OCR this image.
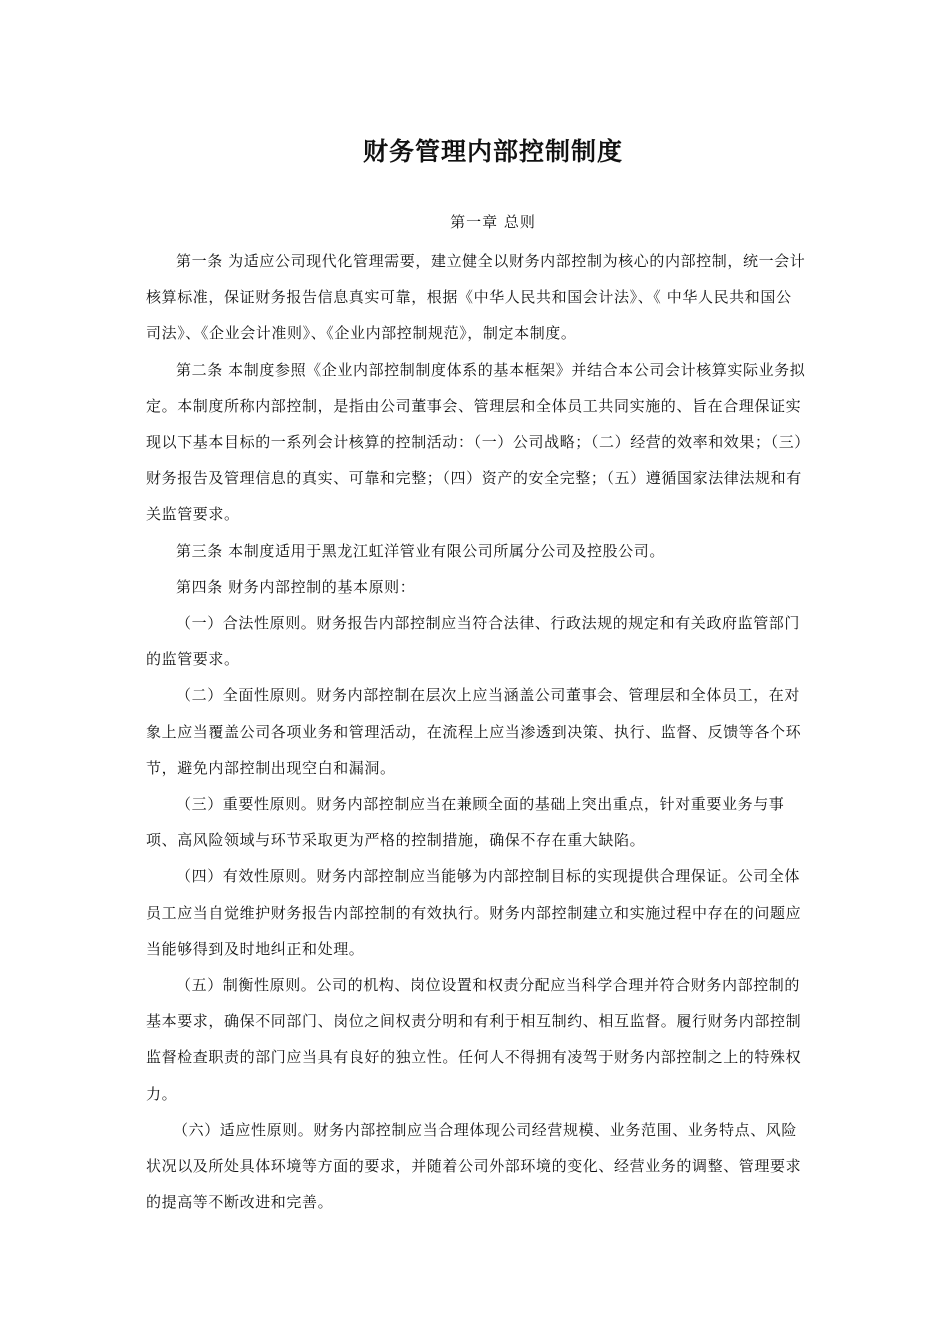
财务管理内部控制制度
第一章 总则

第一条 为适应公司现代化管理需要，建立健全以财务内部控制为核心的内部控制，统一会计核算标准，保证财务报告信息真实可靠，根据《中华人民共和国会计法》、《 中华人民共和国公司法》、《企业会计准则》、《企业内部控制规范》，制定本制度。

第二条 本制度参照《企业内部控制制度体系的基本框架》并结合本公司会计核算实际业务拟定。本制度所称内部控制，是指由公司董事会、管理层和全体员工共同实施的、旨在合理保证实现以下基本目标的一系列会计核算的控制活动：（一）公司战略；（二）经营的效率和效果；（三）财务报告及管理信息的真实、可靠和完整；（四）资产的安全完整；（五）遵循国家法律法规和有关监管要求。

第三条 本制度适用于黑龙江虹洋管业有限公司所属分公司及控股公司。

第四条 财务内部控制的基本原则：

（一）合法性原则。财务报告内部控制应当符合法律、行政法规的规定和有关政府监管部门的监管要求。

（二）全面性原则。财务内部控制在层次上应当涵盖公司董事会、管理层和全体员工，在对象上应当覆盖公司各项业务和管理活动，在流程上应当渗透到决策、执行、监督、反馈等各个环节，避免内部控制出现空白和漏洞。

（三）重要性原则。财务内部控制应当在兼顾全面的基础上突出重点，针对重要业务与事项、高风险领域与环节采取更为严格的控制措施，确保不存在重大缺陷。

（四）有效性原则。财务内部控制应当能够为内部控制目标的实现提供合理保证。公司全体员工应当自觉维护财务报告内部控制的有效执行。财务内部控制建立和实施过程中存在的问题应当能够得到及时地纠正和处理。

（五）制衡性原则。公司的机构、岗位设置和权责分配应当科学合理并符合财务内部控制的基本要求，确保不同部门、岗位之间权责分明和有利于相互制约、相互监督。履行财务内部控制监督检查职责的部门应当具有良好的独立性。任何人不得拥有凌驾于财务内部控制之上的特殊权力。

（六）适应性原则。财务内部控制应当合理体现公司经营规模、业务范围、业务特点、风险状况以及所处具体环境等方面的要求，并随着公司外部环境的变化、经营业务的调整、管理要求的提高等不断改进和完善。
